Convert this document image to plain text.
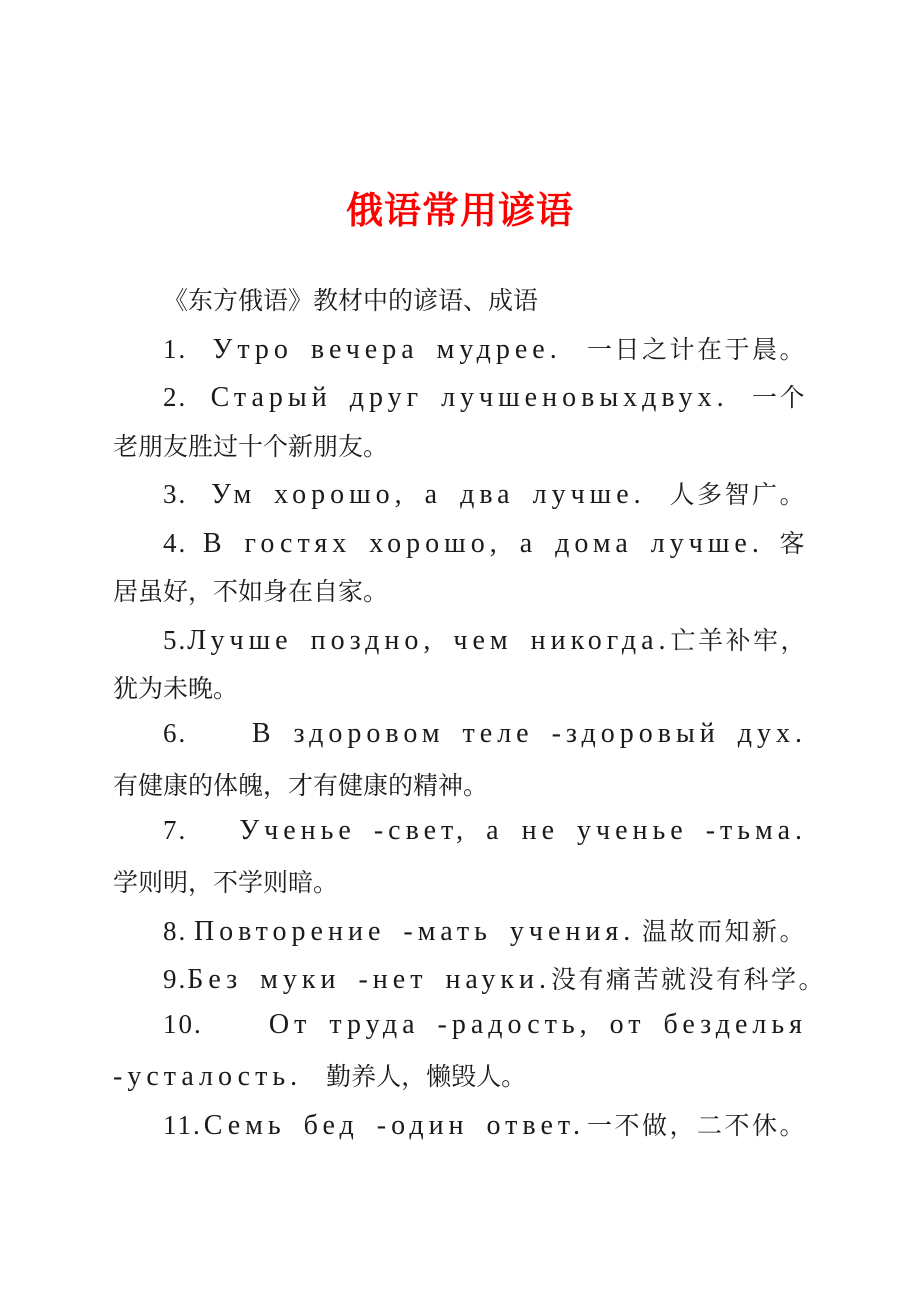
俄语常用谚语
《东方俄语》教材中的谚语、成语
1. Утро вечера мудрее. 一日之计在于晨。
2. Старый друг лучшеновыхдвух. 一个
老朋友胜过十个新朋友。
3. Ум хорошо, а два лучше. 人多智广。
4. В гостях хорошо, а дома лучше. 客
居虽好，不如身在自家。
5. Лучше поздно, чем никогда. 亡羊补牢，
犹为未晚。
6. В здоровом теле -здоровый дух.
有健康的体魄，才有健康的精神。
7. Ученье -свет, а не ученье -тьма.
学则明，不学则暗。
8. Повторение -мать учения. 温故而知新。
9. Без муки -нет науки. 没有痛苦就没有科学。
10. От труда -радость, от безделья
-усталость. 勤养人，懒毁人。
11. Семь бед -один ответ. 一不做，二不休。
